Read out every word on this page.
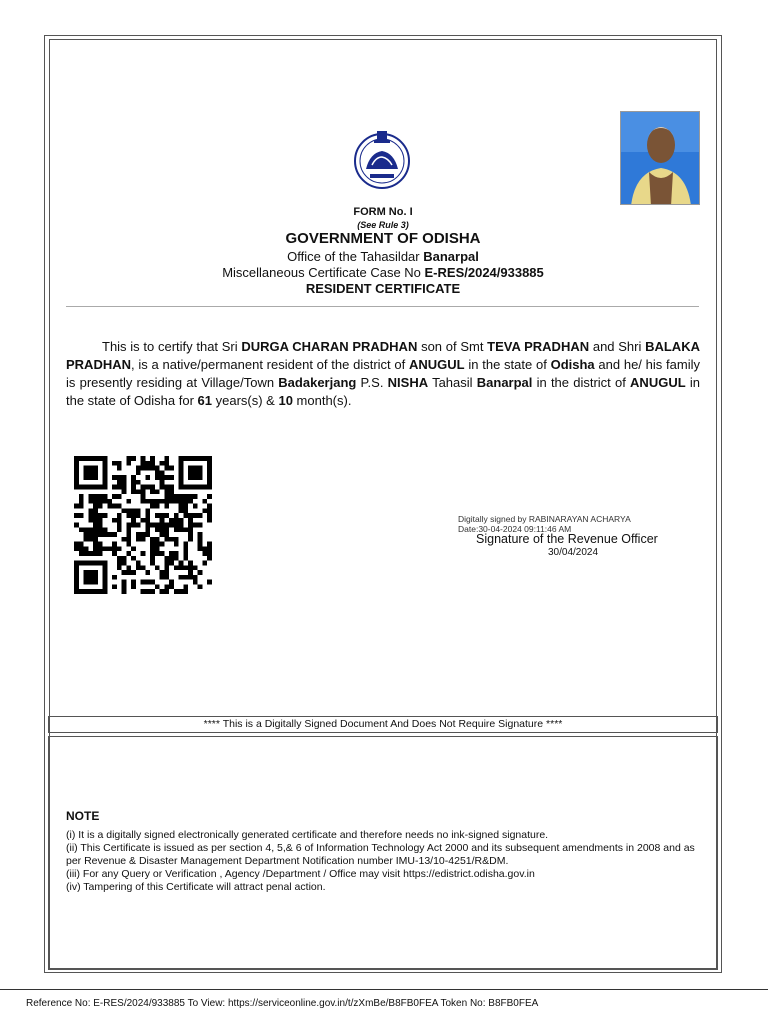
FORM No. I
(See Rule 3)
GOVERNMENT OF ODISHA
Office of the Tahasildar Banarpal
Miscellaneous Certificate Case No E-RES/2024/933885
RESIDENT CERTIFICATE
This is to certify that Sri DURGA CHARAN PRADHAN son of Smt TEVA PRADHAN and Shri BALAKA PRADHAN, is a native/permanent resident of the district of ANUGUL in the state of Odisha and he/ his family is presently residing at Village/Town Badakerjang P.S. NISHA Tahasil Banarpal in the district of ANUGUL in the state of Odisha for 61 years(s) & 10 month(s).
Digitally signed by RABINARAYAN ACHARYA
Date:30-04-2024 09:11:46 AM
Signature of the Revenue Officer
30/04/2024
**** This is a Digitally Signed Document And Does Not Require Signature ****
NOTE
(i) It is a digitally signed electronically generated certificate and therefore needs no ink-signed signature.
(ii) This Certificate is issued as per section 4, 5,& 6 of Information Technology Act 2000 and its subsequent amendments in 2008 and as per Revenue & Disaster Management Department Notification number IMU-13/10-4251/R&DM.
(iii) For any Query or Verification , Agency /Department / Office may visit https://edistrict.odisha.gov.in
(iv) Tampering of this Certificate will attract penal action.
Reference No: E-RES/2024/933885 To View: https://serviceonline.gov.in/t/zXmBe/B8FB0FEA Token No: B8FB0FEA
